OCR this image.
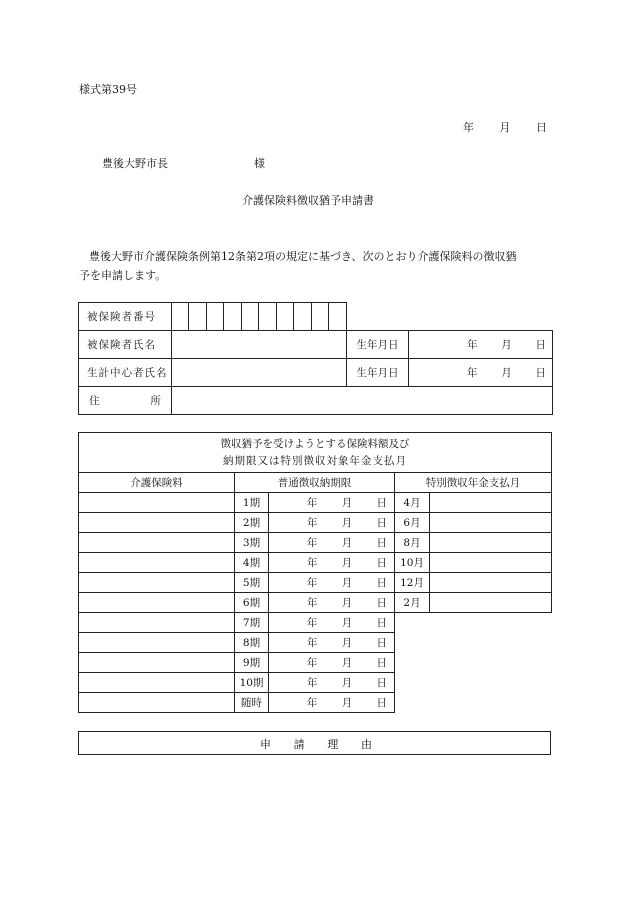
様式第39号
年 月 日
豊後大野市長	様
介護保険料徴収猶予申請書
豊後大野市介護保険条例第12条第2項の規定に基づき、次のとおり介護保険料の徴収猶
予を申請します。
被保険者番号												
被保険者氏名											生年月日	年 月 日

生計中心者氏名											生年月日	年 月 日

住 所												

徴収猶予を受けようとする保険料額及び
納期限又は特別徴収対象年金支払月				

介護保険料	普通徴収納期限		特別徴収年金支払月	
	1期	年 月 日	4月	
	2期	年 月 日	6月	
	3期	年 月 日	8月	
	4期	年 月 日	10月	
	5期	年 月 日	12月	
	6期	年 月 日	2月	
	7期	年 月 日		

	8期	年 月 日		

	9期	年 月 日		

	10期	年 月 日		

	随時	年 月 日		

申 請 理 由
